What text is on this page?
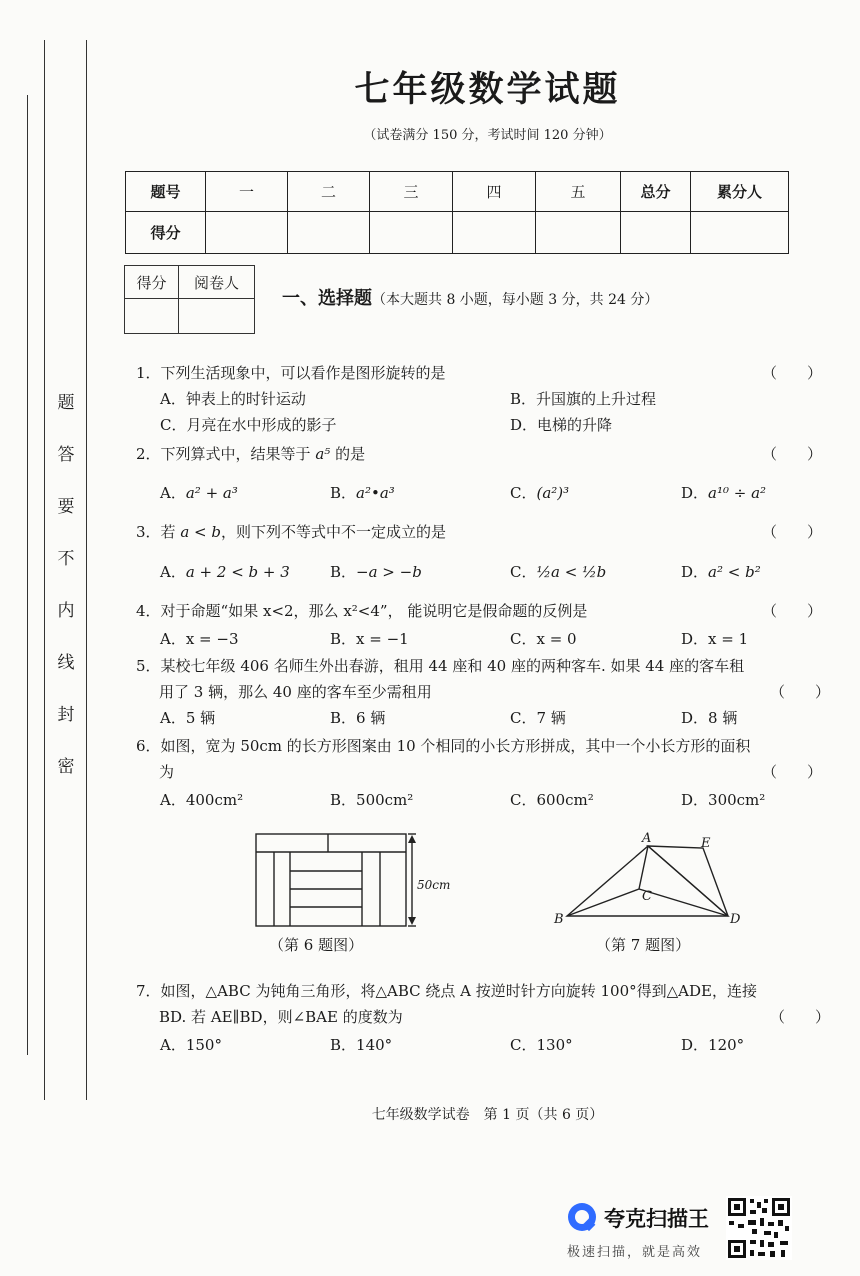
题
答
要
不
内
线
封
密
七年级数学试题
（试卷满分 150 分，考试时间 120 分钟）
题号	一	二	三	四	五	总分	累分人
得分							
得分	阅卷人

一、选择题（本大题共 8 小题，每小题 3 分，共 24 分）
1．下列生活现象中，可以看作是图形旋转的是	（　　）
A．钟表上的时针运动	B．升国旗的上升过程
C．月亮在水中形成的影子	D．电梯的升降
2．下列算式中，结果等于 a⁵ 的是	（　　）
A．a² + a³	B．a²•a³	C．(a²)³	D．a¹⁰ ÷ a²
3．若 a < b，则下列不等式中不一定成立的是	（　　）
A．a + 2 < b + 3	B．−a > −b	C．½a < ½b	D．a² < b²
4．对于命题“如果 x<2，那么 x²<4”， 能说明它是假命题的反例是	（　　）
A．x = −3	B．x = −1	C．x = 0	D．x = 1
5．某校七年级 406 名师生外出春游，租用 44 座和 40 座的两种客车. 如果 44 座的客车租
用了 3 辆，那么 40 座的客车至少需租用	（　　）
A．5 辆	B．6 辆	C．7 辆	D．8 辆
6．如图，宽为 50cm 的长方形图案由 10 个相同的小长方形拼成，其中一个小长方形的面积
为	（　　）
A．400cm²	B．500cm²	C．600cm²	D．300cm²
50cm
（第 6 题图）
A	E
C
B	D
（第 7 题图）
7．如图，△ABC 为钝角三角形，将△ABC 绕点 A 按逆时针方向旋转 100°得到△ADE，连接
BD. 若 AE∥BD，则∠BAE 的度数为	（　　）
A．150°	B．140°	C．130°	D．120°
七年级数学试卷　第 1 页（共 6 页）
夸克扫描王
极速扫描，就是高效
